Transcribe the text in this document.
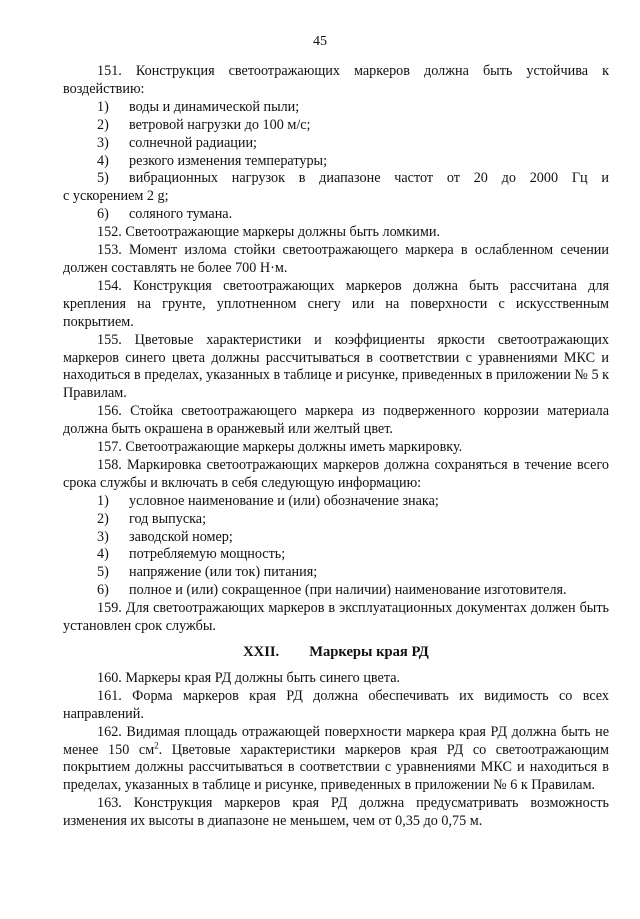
45

151. Конструкция светоотражающих маркеров должна быть устойчива к воздействию:

1)	воды и динамической пыли;
2)	ветровой нагрузки до 100 м/с;
3)	солнечной радиации;
4)	резкого изменения температуры;
5)	вибрационных нагрузок в диапазоне частот от 20 до 2000 Гц и

с ускорением 2 g;

6)	соляного тумана.

152. Светоотражающие маркеры должны быть ломкими.

153. Момент излома стойки светоотражающего маркера в ослабленном сечении должен составлять не более 700 Н·м.

154. Конструкция светоотражающих маркеров должна быть рассчитана для крепления на грунте, уплотненном снегу или на поверхности с искусственным покрытием.

155. Цветовые характеристики и коэффициенты яркости светоотражающих маркеров синего цвета должны рассчитываться в соответствии с уравнениями МКС и находиться в пределах, указанных в таблице и рисунке, приведенных в приложении № 5 к Правилам.

156. Стойка светоотражающего маркера из подверженного коррозии материала должна быть окрашена в оранжевый или желтый цвет.

157. Светоотражающие маркеры должны иметь маркировку.

158. Маркировка светоотражающих маркеров должна сохраняться в течение всего срока службы и включать в себя следующую информацию:

1)	условное наименование и (или) обозначение знака;
2)	год выпуска;
3)	заводской номер;
4)	потребляемую мощность;
5)	напряжение (или ток) питания;
6)	полное и (или) сокращенное (при наличии) наименование изготовителя.

159. Для светоотражающих маркеров в эксплуатационных документах должен быть установлен срок службы.

XXII. Маркеры края РД

160. Маркеры края РД должны быть синего цвета.

161. Форма маркеров края РД должна обеспечивать их видимость со всех направлений.

162. Видимая площадь отражающей поверхности маркера края РД должна быть не менее 150 $см^2$. Цветовые характеристики маркеров края РД со светоотражающим покрытием должны рассчитываться в соответствии с уравнениями МКС и находиться в пределах, указанных в таблице и рисунке, приведенных в приложении № 6 к Правилам.

163. Конструкция маркеров края РД должна предусматривать возможность изменения их высоты в диапазоне не меньшем, чем от 0,35 до 0,75 м.
